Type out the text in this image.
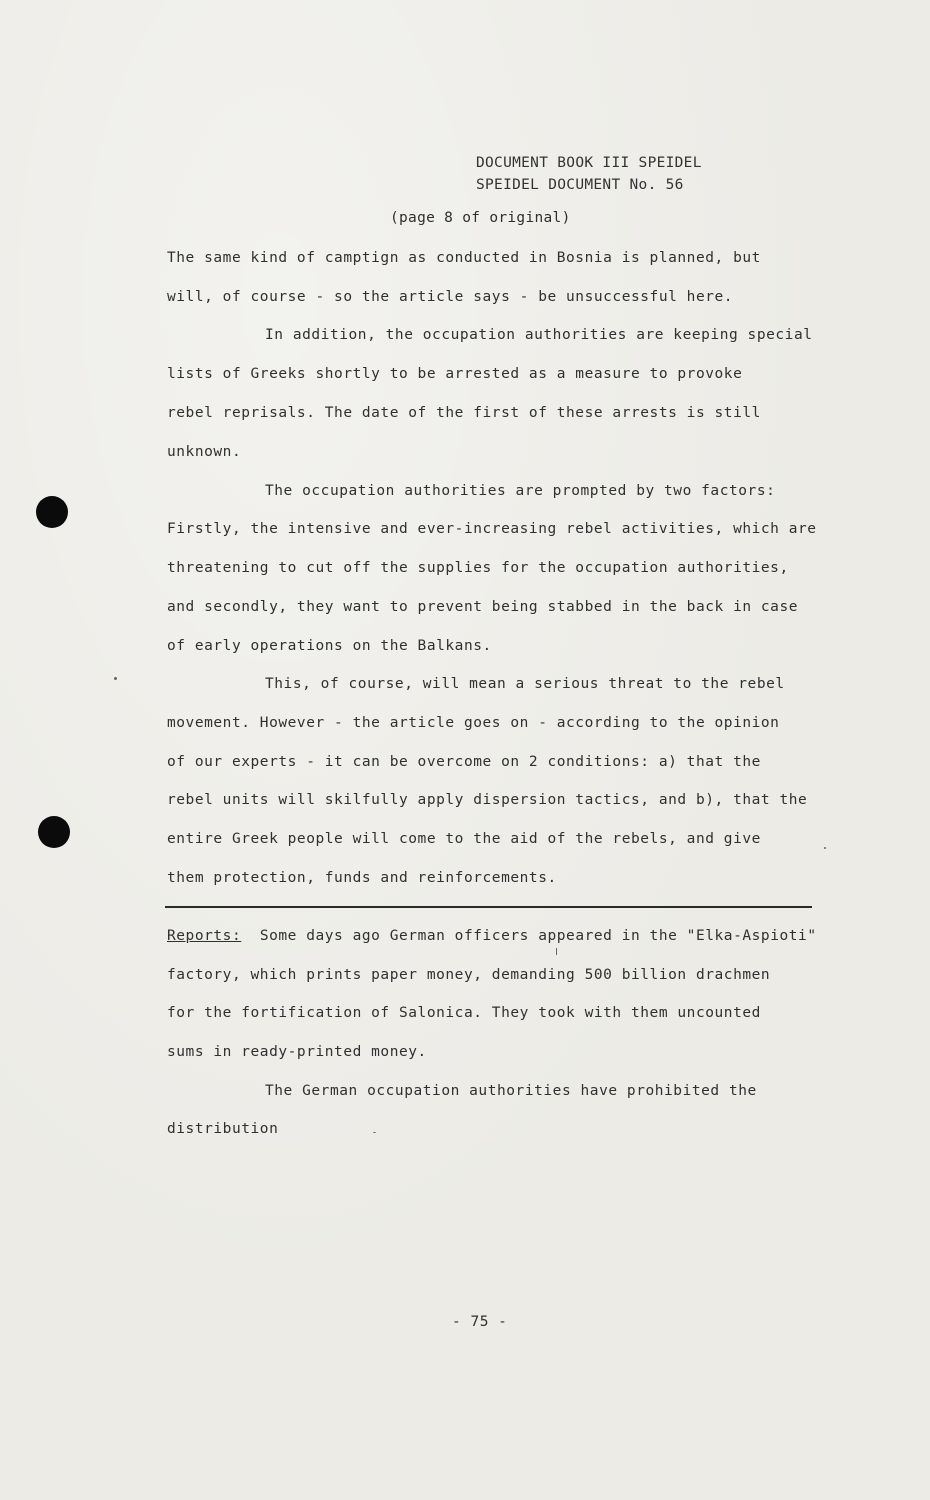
DOCUMENT BOOK III SPEIDEL
SPEIDEL DOCUMENT No. 56
(page 8 of original)
The same kind of camptign as conducted in Bosnia is planned, but
will, of course - so the article says - be unsuccessful here.
In addition, the occupation authorities are keeping special
lists of Greeks shortly to be arrested as a measure to provoke
rebel reprisals. The date of the first of these arrests is still
unknown.
The occupation authorities are prompted by two factors:
Firstly, the intensive and ever-increasing rebel activities, which are
threatening to cut off the supplies for the occupation authorities,
and secondly, they want to prevent being stabbed in the back in case
of early operations on the Balkans.
This, of course, will mean a serious threat to the rebel
movement. However - the article goes on - according to the opinion
of our experts - it can be overcome on 2 conditions: a) that the
rebel units will skilfully apply dispersion tactics, and b), that the
entire Greek people will come to the aid of the rebels, and give
them protection, funds and reinforcements.
Reports: Some days ago German officers appeared in the "Elka-Aspioti"
factory, which prints paper money, demanding 500 billion drachmen
for the fortification of Salonica. They took with them uncounted
sums in ready-printed money.
The German occupation authorities have prohibited the
distribution
- 75 -
